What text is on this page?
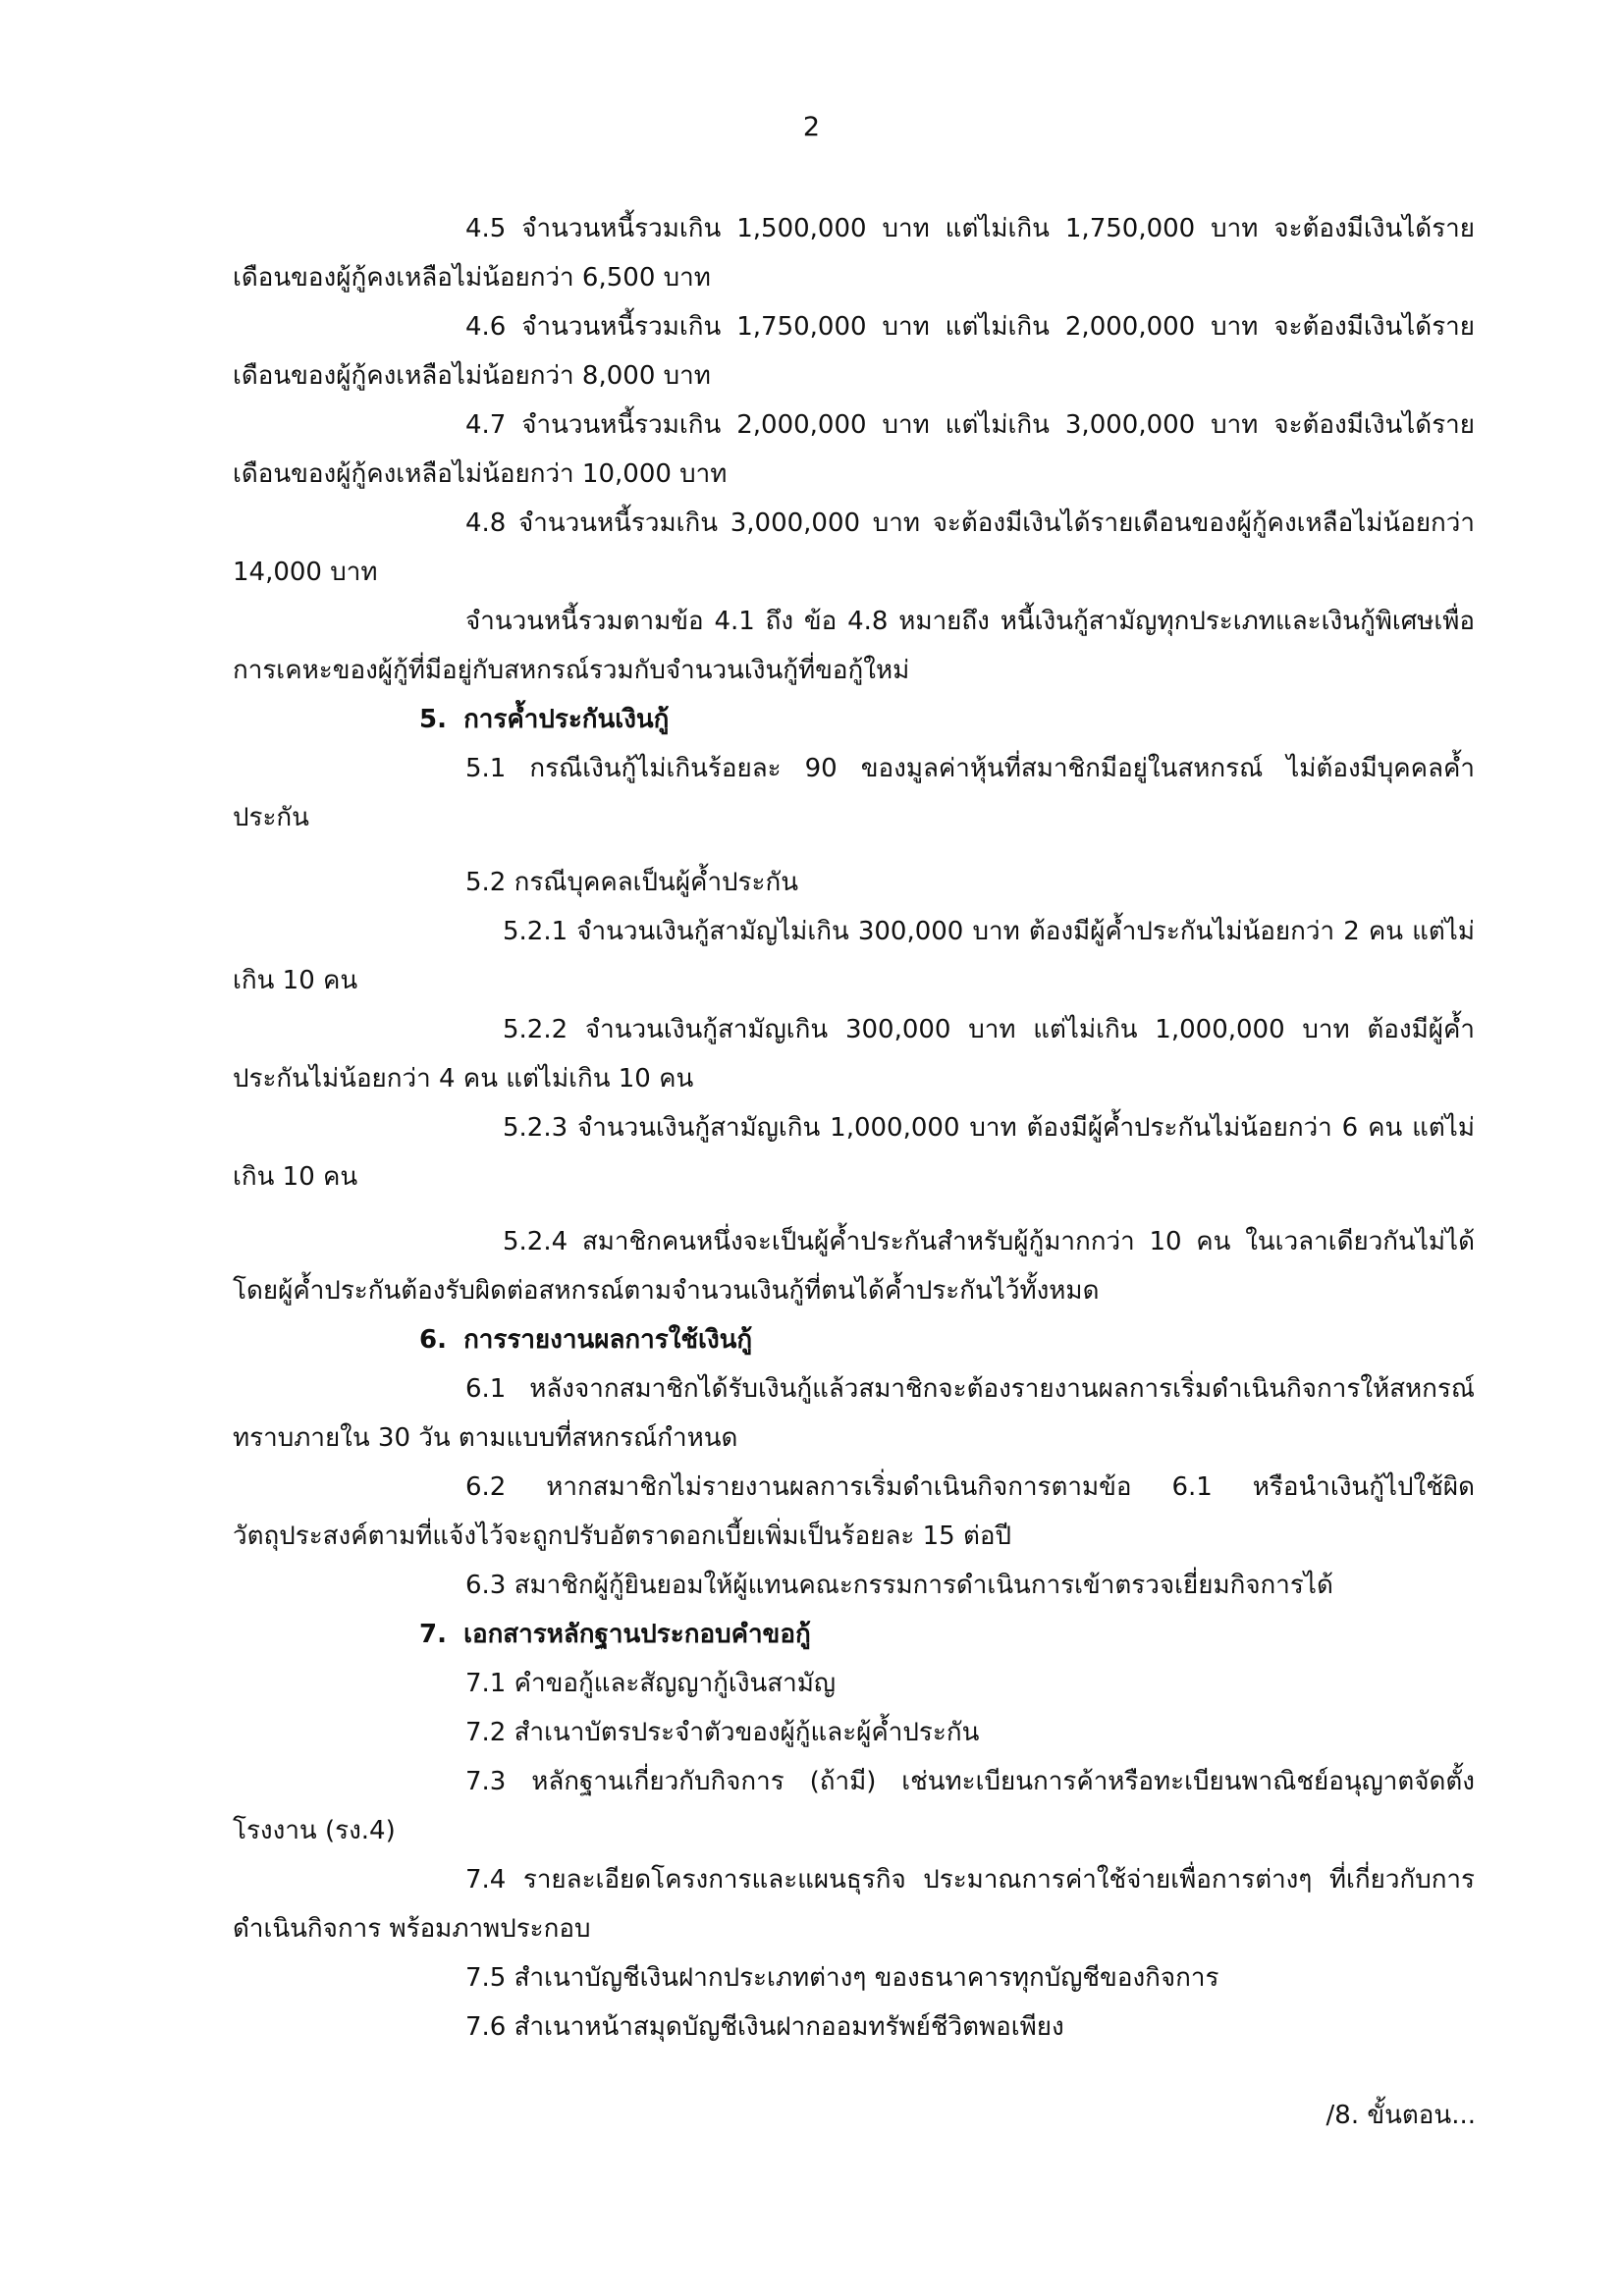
2

4.5 จำนวนหนี้รวมเกิน 1,500,000 บาท แต่ไม่เกิน 1,750,000 บาท จะต้องมีเงินได้รายเดือนของผู้กู้คงเหลือไม่น้อยกว่า 6,500 บาท

4.6 จำนวนหนี้รวมเกิน 1,750,000 บาท แต่ไม่เกิน 2,000,000 บาท จะต้องมีเงินได้รายเดือนของผู้กู้คงเหลือไม่น้อยกว่า 8,000 บาท

4.7 จำนวนหนี้รวมเกิน 2,000,000 บาท แต่ไม่เกิน 3,000,000 บาท จะต้องมีเงินได้รายเดือนของผู้กู้คงเหลือไม่น้อยกว่า 10,000 บาท

4.8 จำนวนหนี้รวมเกิน 3,000,000 บาท จะต้องมีเงินได้รายเดือนของผู้กู้คงเหลือไม่น้อยกว่า 14,000 บาท

จำนวนหนี้รวมตามข้อ 4.1 ถึง ข้อ 4.8 หมายถึง หนี้เงินกู้สามัญทุกประเภทและเงินกู้พิเศษเพื่อการเคหะของผู้กู้ที่มีอยู่กับสหกรณ์รวมกับจำนวนเงินกู้ที่ขอกู้ใหม่

5. การค้ำประกันเงินกู้

5.1 กรณีเงินกู้ไม่เกินร้อยละ 90 ของมูลค่าหุ้นที่สมาชิกมีอยู่ในสหกรณ์ ไม่ต้องมีบุคคลค้ำประกัน

5.2 กรณีบุคคลเป็นผู้ค้ำประกัน

5.2.1 จำนวนเงินกู้สามัญไม่เกิน 300,000 บาท ต้องมีผู้ค้ำประกันไม่น้อยกว่า 2 คน แต่ไม่เกิน 10 คน

5.2.2 จำนวนเงินกู้สามัญเกิน 300,000 บาท แต่ไม่เกิน 1,000,000 บาท ต้องมีผู้ค้ำประกันไม่น้อยกว่า 4 คน แต่ไม่เกิน 10 คน

5.2.3 จำนวนเงินกู้สามัญเกิน 1,000,000 บาท ต้องมีผู้ค้ำประกันไม่น้อยกว่า 6 คน แต่ไม่เกิน 10 คน

5.2.4 สมาชิกคนหนึ่งจะเป็นผู้ค้ำประกันสำหรับผู้กู้มากกว่า 10 คน ในเวลาเดียวกันไม่ได้ โดยผู้ค้ำประกันต้องรับผิดต่อสหกรณ์ตามจำนวนเงินกู้ที่ตนได้ค้ำประกันไว้ทั้งหมด

6. การรายงานผลการใช้เงินกู้

6.1 หลังจากสมาชิกได้รับเงินกู้แล้วสมาชิกจะต้องรายงานผลการเริ่มดำเนินกิจการให้สหกรณ์ทราบภายใน 30 วัน ตามแบบที่สหกรณ์กำหนด

6.2 หากสมาชิกไม่รายงานผลการเริ่มดำเนินกิจการตามข้อ 6.1 หรือนำเงินกู้ไปใช้ผิดวัตถุประสงค์ตามที่แจ้งไว้จะถูกปรับอัตราดอกเบี้ยเพิ่มเป็นร้อยละ 15 ต่อปี

6.3 สมาชิกผู้กู้ยินยอมให้ผู้แทนคณะกรรมการดำเนินการเข้าตรวจเยี่ยมกิจการได้

7. เอกสารหลักฐานประกอบคำขอกู้

7.1 คำขอกู้และสัญญากู้เงินสามัญ

7.2 สำเนาบัตรประจำตัวของผู้กู้และผู้ค้ำประกัน

7.3 หลักฐานเกี่ยวกับกิจการ (ถ้ามี) เช่นทะเบียนการค้าหรือทะเบียนพาณิชย์อนุญาตจัดตั้งโรงงาน (รง.4)

7.4 รายละเอียดโครงการและแผนธุรกิจ ประมาณการค่าใช้จ่ายเพื่อการต่างๆ ที่เกี่ยวกับการดำเนินกิจการ พร้อมภาพประกอบ

7.5 สำเนาบัญชีเงินฝากประเภทต่างๆ ของธนาคารทุกบัญชีของกิจการ

7.6 สำเนาหน้าสมุดบัญชีเงินฝากออมทรัพย์ชีวิตพอเพียง

/8. ขั้นตอน...
